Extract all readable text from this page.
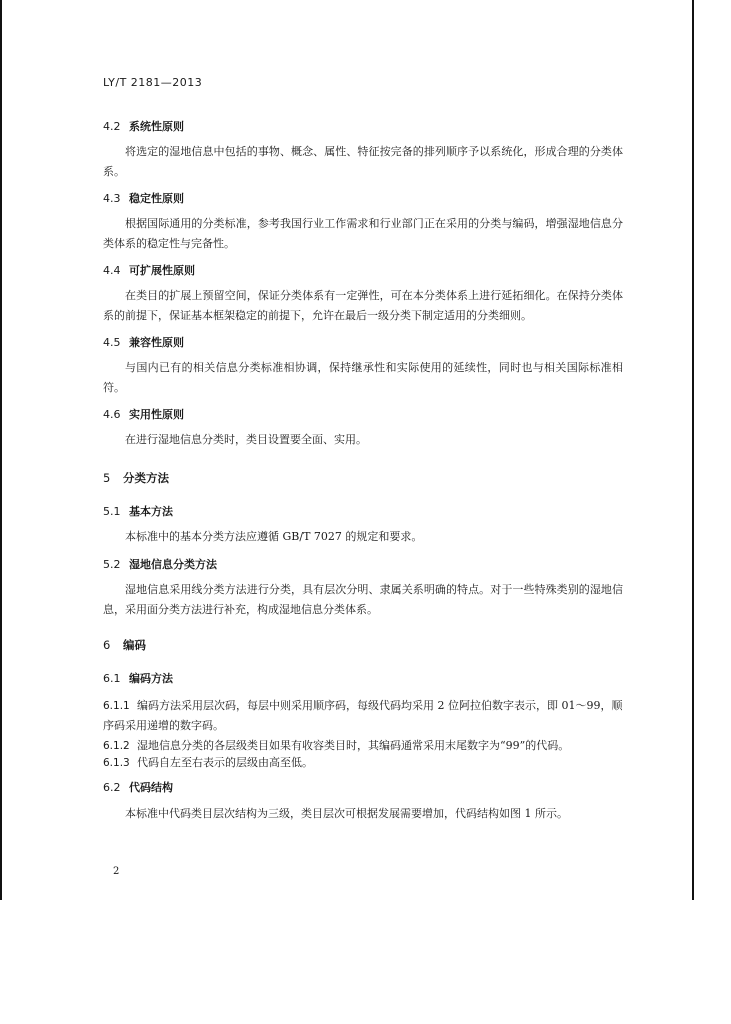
LY/T 2181—2013
4.2 系统性原则
将选定的湿地信息中包括的事物、概念、属性、特征按完备的排列顺序予以系统化，形成合理的分类体系。
4.3 稳定性原则
根据国际通用的分类标准，参考我国行业工作需求和行业部门正在采用的分类与编码，增强湿地信息分类体系的稳定性与完备性。
4.4 可扩展性原则
在类目的扩展上预留空间，保证分类体系有一定弹性，可在本分类体系上进行延拓细化。在保持分类体系的前提下，保证基本框架稳定的前提下，允许在最后一级分类下制定适用的分类细则。
4.5 兼容性原则
与国内已有的相关信息分类标准相协调，保持继承性和实际使用的延续性，同时也与相关国际标准相符。
4.6 实用性原则
在进行湿地信息分类时，类目设置要全面、实用。
5 分类方法
5.1 基本方法
本标准中的基本分类方法应遵循 GB/T 7027 的规定和要求。
5.2 湿地信息分类方法
湿地信息采用线分类方法进行分类，具有层次分明、隶属关系明确的特点。对于一些特殊类别的湿地信息，采用面分类方法进行补充，构成湿地信息分类体系。
6 编码
6.1 编码方法
6.1.1 编码方法采用层次码，每层中则采用顺序码，每级代码均采用 2 位阿拉伯数字表示，即 01～99，顺序码采用递增的数字码。
6.1.2 湿地信息分类的各层级类目如果有收容类目时，其编码通常采用末尾数字为“99”的代码。
6.1.3 代码自左至右表示的层级由高至低。
6.2 代码结构
本标准中代码类目层次结构为三级，类目层次可根据发展需要增加，代码结构如图 1 所示。
2
